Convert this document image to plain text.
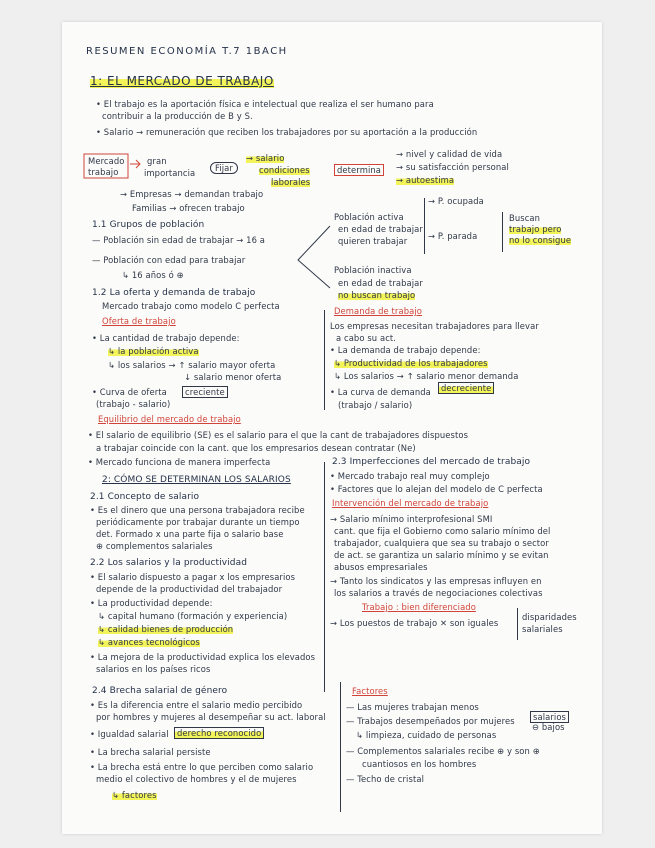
RESUMEN ECONOMÍA T.7 1BACH
1: EL MERCADO DE TRABAJO
• El trabajo es la aportación física e intelectual que realiza el ser humano para
contribuir a la producción de B y S.
• Salario → remuneración que reciben los trabajadores por su aportación a la producción
Mercado
trabajo
gran
importancia	Fijar
→ salario
condiciones
laborales
determina
→ nivel y calidad de vida
→ su satisfacción personal
→ autoestima
→ Empresas → demandan trabajo
Familias → ofrecen trabajo
1.1 Grupos de población
— Población sin edad de trabajar → 16 a
— Población con edad para trabajar
↳ 16 años ó ⊕
Población activa
en edad de trabajar
quieren trabajar
→ P. ocupada
→ P. parada
Buscan
trabajo pero
no lo consigue
Población inactiva
en edad de trabajar
no buscan trabajo
1.2 La oferta y demanda de trabajo
Mercado trabajo como modelo C perfecta
Oferta de trabajo
• La cantidad de trabajo depende:
↳ la población activa
↳ los salarios → ↑ salario mayor oferta
↓ salario menor oferta
• Curva de oferta	creciente
(trabajo - salario)
Equilibrio del mercado de trabajo
Demanda de trabajo
Los empresas necesitan trabajadores para llevar
a cabo su act.
• La demanda de trabajo depende:
↳ Productividad de los trabajadores
↳ Los salarios → ↑ salario menor demanda
• La curva de demanda	decreciente
(trabajo / salario)
• El salario de equilibrio (SE) es el salario para el que la cant de trabajadores dispuestos
a trabajar coincide con la cant. que los empresarios desean contratar (Ne)
• Mercado funciona de manera imperfecta
2: CÓMO SE DETERMINAN LOS SALARIOS
2.1 Concepto de salario
• Es el dinero que una persona trabajadora recibe
periódicamente por trabajar durante un tiempo
det. Formado x una parte fija o salario base
⊕ complementos salariales
2.2 Los salarios y la productividad
• El salario dispuesto a pagar x los empresarios
depende de la productividad del trabajador
• La productividad depende:
↳ capital humano (formación y experiencia)
↳ calidad bienes de producción
↳ avances tecnológicos
• La mejora de la productividad explica los elevados
salarios en los países ricos
2.3 Imperfecciones del mercado de trabajo
• Mercado trabajo real muy complejo
• Factores que lo alejan del modelo de C perfecta
Intervención del mercado de trabajo
→ Salario mínimo interprofesional SMI
cant. que fija el Gobierno como salario mínimo del
trabajador, cualquiera que sea su trabajo o sector
de act. se garantiza un salario mínimo y se evitan
abusos empresariales
→ Tanto los sindicatos y las empresas influyen en
los salarios a través de negociaciones colectivas
Trabajo : bien diferenciado
→ Los puestos de trabajo ✕ son iguales
disparidades
salariales
2.4 Brecha salarial de género
• Es la diferencia entre el salario medio percibido
por hombres y mujeres al desempeñar su act. laboral
• Igualdad salarial derecho reconocido
• La brecha salarial persiste
• La brecha está entre lo que perciben como salario
medio el colectivo de hombres y el de mujeres
↳ factores
Factores
— Las mujeres trabajan menos
— Trabajos desempeñados por mujeres	salarios
⊖ bajos
↳ limpieza, cuidado de personas
— Complementos salariales recibe ⊕ y son ⊕
cuantiosos en los hombres
— Techo de cristal
